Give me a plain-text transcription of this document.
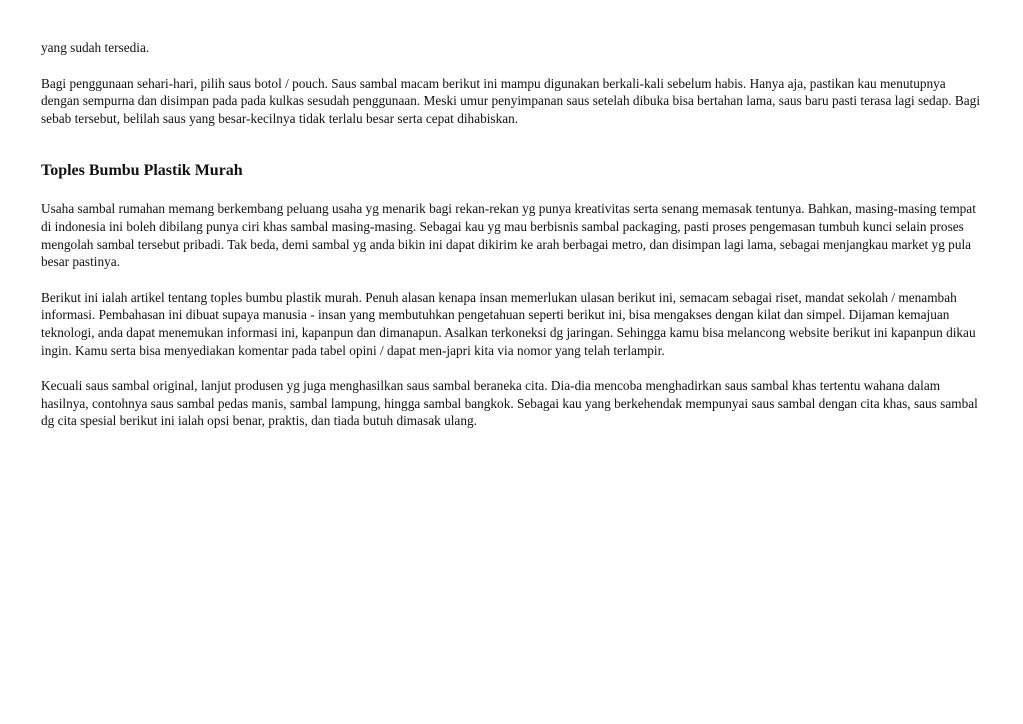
yang sudah tersedia.

Bagi penggunaan sehari-hari, pilih saus botol / pouch. Saus sambal macam berikut ini mampu digunakan berkali-kali sebelum habis. Hanya aja, pastikan kau menutupnya dengan sempurna dan disimpan pada pada kulkas sesudah penggunaan. Meski umur penyimpanan saus setelah dibuka bisa bertahan lama, saus baru pasti terasa lagi sedap. Bagi sebab tersebut, belilah saus yang besar-kecilnya tidak terlalu besar serta cepat dihabiskan.

Toples Bumbu Plastik Murah

Usaha sambal rumahan memang berkembang peluang usaha yg menarik bagi rekan-rekan yg punya kreativitas serta senang memasak tentunya. Bahkan, masing-masing tempat di indonesia ini boleh dibilang punya ciri khas sambal masing-masing. Sebagai kau yg mau berbisnis sambal packaging, pasti proses pengemasan tumbuh kunci selain proses mengolah sambal tersebut pribadi. Tak beda, demi sambal yg anda bikin ini dapat dikirim ke arah berbagai metro, dan disimpan lagi lama, sebagai menjangkau market yg pula besar pastinya.

Berikut ini ialah artikel tentang toples bumbu plastik murah. Penuh alasan kenapa insan memerlukan ulasan berikut ini, semacam sebagai riset, mandat sekolah / menambah informasi. Pembahasan ini dibuat supaya manusia - insan yang membutuhkan pengetahuan seperti berikut ini, bisa mengakses dengan kilat dan simpel. Dijaman kemajuan teknologi, anda dapat menemukan informasi ini, kapanpun dan dimanapun. Asalkan terkoneksi dg jaringan. Sehingga kamu bisa melancong website berikut ini kapanpun dikau ingin. Kamu serta bisa menyediakan komentar pada tabel opini / dapat men-japri kita via nomor yang telah terlampir.

Kecuali saus sambal original, lanjut produsen yg juga menghasilkan saus sambal beraneka cita. Dia-dia mencoba menghadirkan saus sambal khas tertentu wahana dalam hasilnya, contohnya saus sambal pedas manis, sambal lampung, hingga sambal bangkok. Sebagai kau yang berkehendak mempunyai saus sambal dengan cita khas, saus sambal dg cita spesial berikut ini ialah opsi benar, praktis, dan tiada butuh dimasak ulang.
